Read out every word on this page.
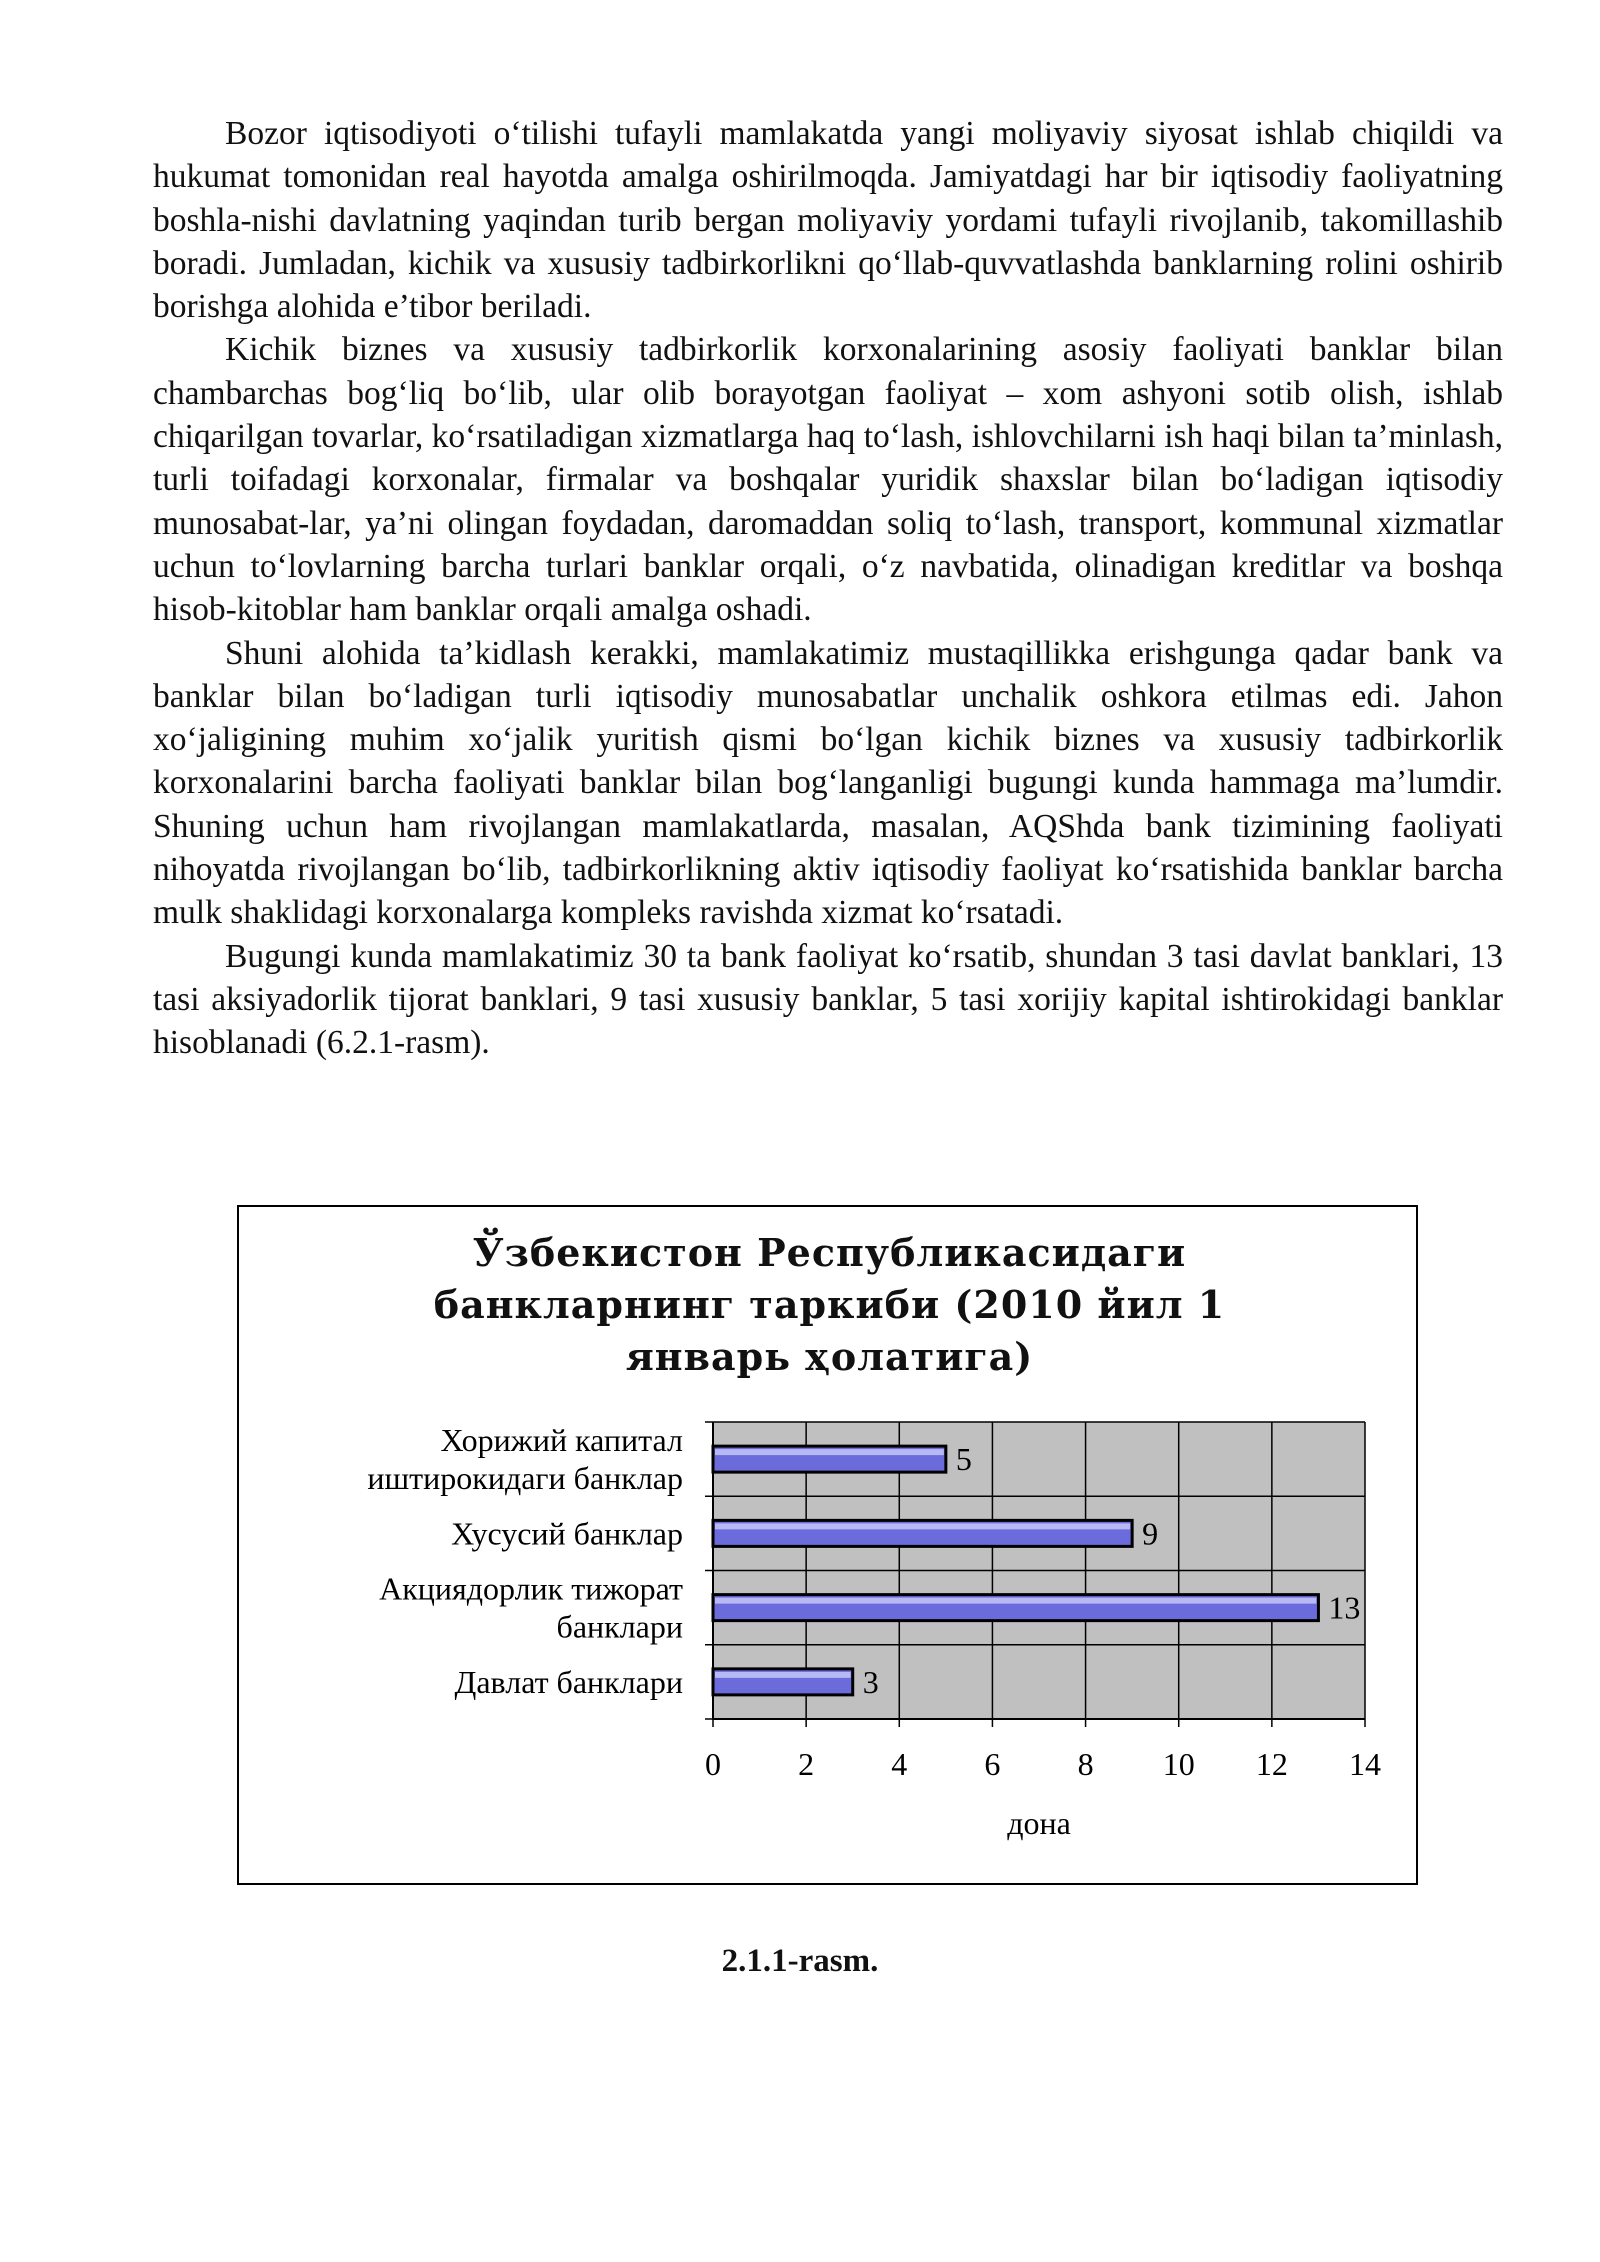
Bozor iqtisodiyoti o‘tilishi tufayli mamlakatda yangi moliyaviy siyosat ishlab chiqildi va hukumat tomonidan real hayotda amalga oshirilmoqda. Jamiyatdagi har bir iqtisodiy faoliyatning boshla-nishi davlatning yaqindan turib bergan moliyaviy yordami tufayli rivojlanib, takomillashib boradi. Jumladan, kichik va xususiy tadbirkorlikni qo‘llab-quvvatlashda banklarning rolini oshirib borishga alohida e’tibor beriladi.

Kichik biznes va xususiy tadbirkorlik korxonalarining asosiy faoliyati banklar bilan chambarchas bog‘liq bo‘lib, ular olib borayotgan faoliyat – xom ashyoni sotib olish, ishlab chiqarilgan tovarlar, ko‘rsatiladigan xizmatlarga haq to‘lash, ishlovchilarni ish haqi bilan ta’minlash, turli toifadagi korxonalar, firmalar va boshqalar yuridik shaxslar bilan bo‘ladigan iqtisodiy munosabat-lar, ya’ni olingan foydadan, daromaddan soliq to‘lash, transport, kommunal xizmatlar uchun to‘lovlarning barcha turlari banklar orqali, o‘z navbatida, olinadigan kreditlar va boshqa hisob-kitoblar ham banklar orqali amalga oshadi.

Shuni alohida ta’kidlash kerakki, mamlakatimiz mustaqillikka erishgunga qadar bank va banklar bilan bo‘ladigan turli iqtisodiy munosabatlar unchalik oshkora etilmas edi. Jahon xo‘jaligining muhim xo‘jalik yuritish qismi bo‘lgan kichik biznes va xususiy tadbirkorlik korxonalarini barcha faoliyati banklar bilan bog‘langanligi bugungi kunda hammaga ma’lumdir. Shuning uchun ham rivojlangan mamlakatlarda, masalan, AQShda bank tizimining faoliyati nihoyatda rivojlangan bo‘lib, tadbirkorlikning aktiv iqtisodiy faoliyat ko‘rsatishida banklar barcha mulk shaklidagi korxonalarga kompleks ravishda xizmat ko‘rsatadi.

Bugungi kunda mamlakatimiz 30 ta bank faoliyat ko‘rsatib, shundan 3 tasi davlat banklari, 13 tasi aksiyadorlik tijorat banklari, 9 tasi xususiy banklar, 5 tasi xorijiy kapital ishtirokidagi banklar hisoblanadi (6.2.1-rasm).

Ўзбекистон Республикасидаги
банкларнинг таркиби (2010 йил 1
январь ҳолатига)
0 2 4 6 8 10 12 14
5
Хорижий капитал
иштирокидаги банклар
9
Хусусий банклар
13
Акциядорлик тижорат
банклари
3
Давлат банклари
дона
2.1.1-rasm.
